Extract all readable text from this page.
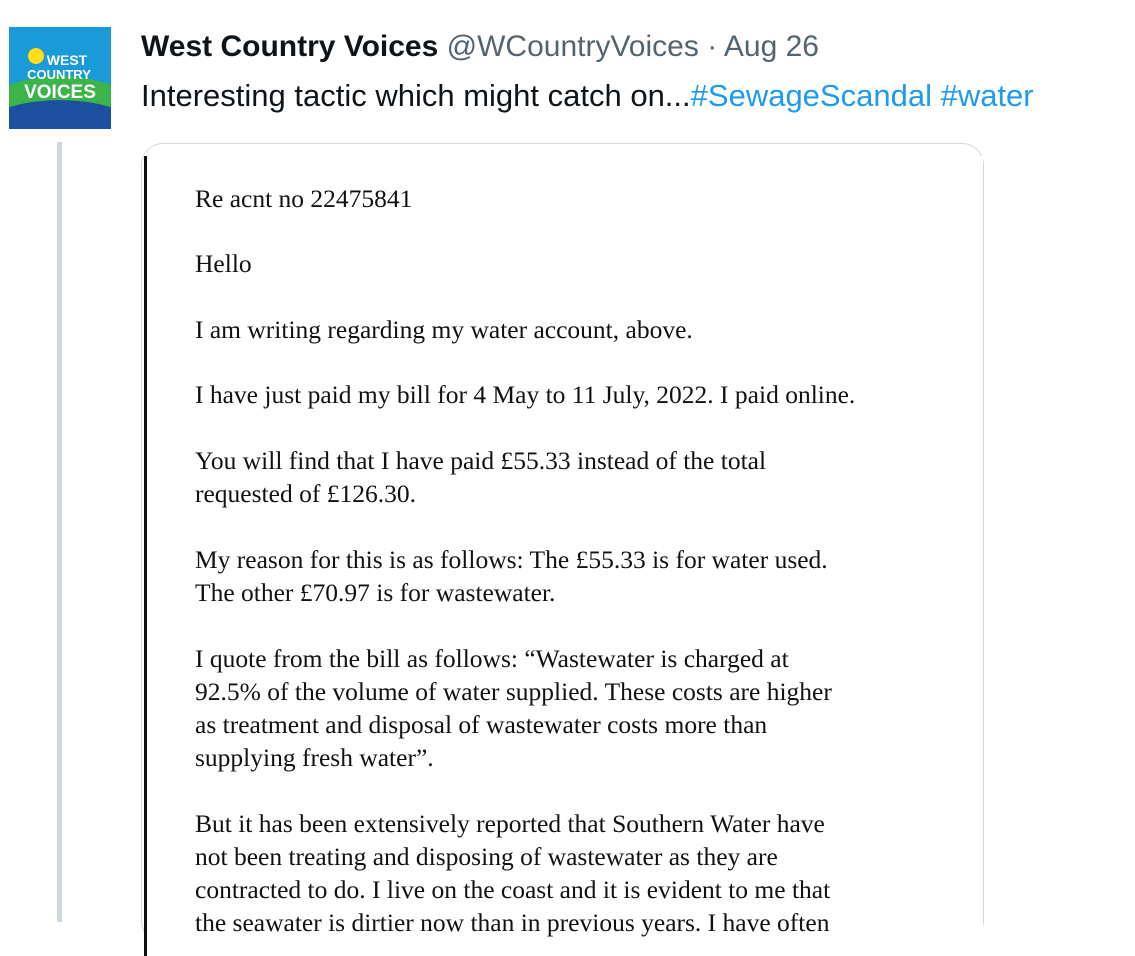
WEST
COUNTRY
VOICES
West Country Voices @WCountryVoices · Aug 26
Interesting tactic which might catch on...#SewageScandal #water
Re acnt no 22475841
Hello
I am writing regarding my water account, above.
I have just paid my bill for 4 May to 11 July, 2022. I paid online.
You will find that I have paid £55.33 instead of the total
requested of £126.30.
My reason for this is as follows: The £55.33 is for water used.
The other £70.97 is for wastewater.
I quote from the bill as follows: “Wastewater is charged at
92.5% of the volume of water supplied. These costs are higher
as treatment and disposal of wastewater costs more than
supplying fresh water”.
But it has been extensively reported that Southern Water have
not been treating and disposing of wastewater as they are
contracted to do. I live on the coast and it is evident to me that
the seawater is dirtier now than in previous years. I have often
